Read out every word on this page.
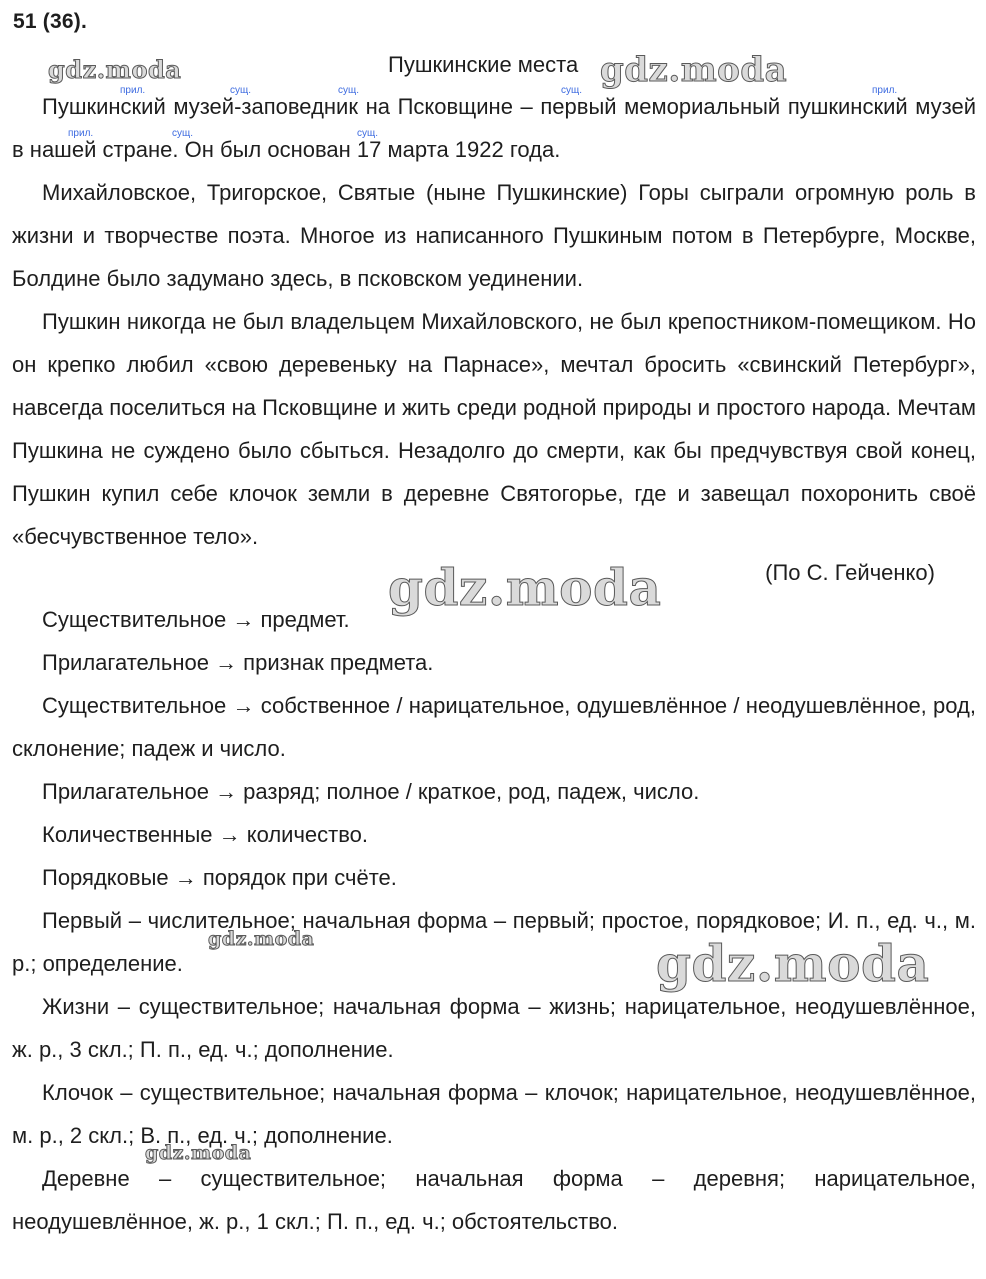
51 (36).
Пушкинские места
прил.	сущ.	сущ.	сущ.	прил.
прил.	сущ.	сущ.

Пушкинский музей-заповедник на Псковщине – первый мемориальный пушкинский музей в нашей стране. Он был основан 17 марта 1922 года.

Михайловское, Тригорское, Святые (ныне Пушкинские) Горы сыграли огромную роль в жизни и творчестве поэта. Многое из написанного Пушкиным потом в Петербурге, Москве, Болдине было задумано здесь, в псковском уединении.

Пушкин никогда не был владельцем Михайловского, не был крепостником-помещиком. Но он крепко любил «свою деревеньку на Парнасе», мечтал бросить «свинский Петербург», навсегда поселиться на Псковщине и жить среди родной природы и простого народа. Мечтам Пушкина не суждено было сбыться. Незадолго до смерти, как бы предчувствуя свой конец, Пушкин купил себе клочок земли в деревне Святогорье, где и завещал похоронить своё «бесчувственное тело».

(По С. Гейченко)

Существительное → предмет.

Прилагательное → признак предмета.

Существительное → собственное / нарицательное, одушевлённое / неодушевлённое, род, склонение; падеж и число.

Прилагательное → разряд; полное / краткое, род, падеж, число.

Количественные → количество.

Порядковые → порядок при счёте.

Первый – числительное; начальная форма – первый; простое, порядковое; И. п., ед. ч., м. р.; определение.

Жизни – существительное; начальная форма – жизнь; нарицательное, неодушевлённое, ж. р., 3 скл.; П. п., ед. ч.; дополнение.

Клочок – существительное; начальная форма – клочок; нарицательное, неодушевлённое, м. р., 2 скл.; В. п., ед. ч.; дополнение.

Деревне – существительное; начальная форма – деревня; нарицательное, неодушевлённое, ж. р., 1 скл.; П. п., ед. ч.; обстоятельство.

gdz.moda	gdz.moda
gdz.moda
gdz.moda	gdz.moda
gdz.moda
